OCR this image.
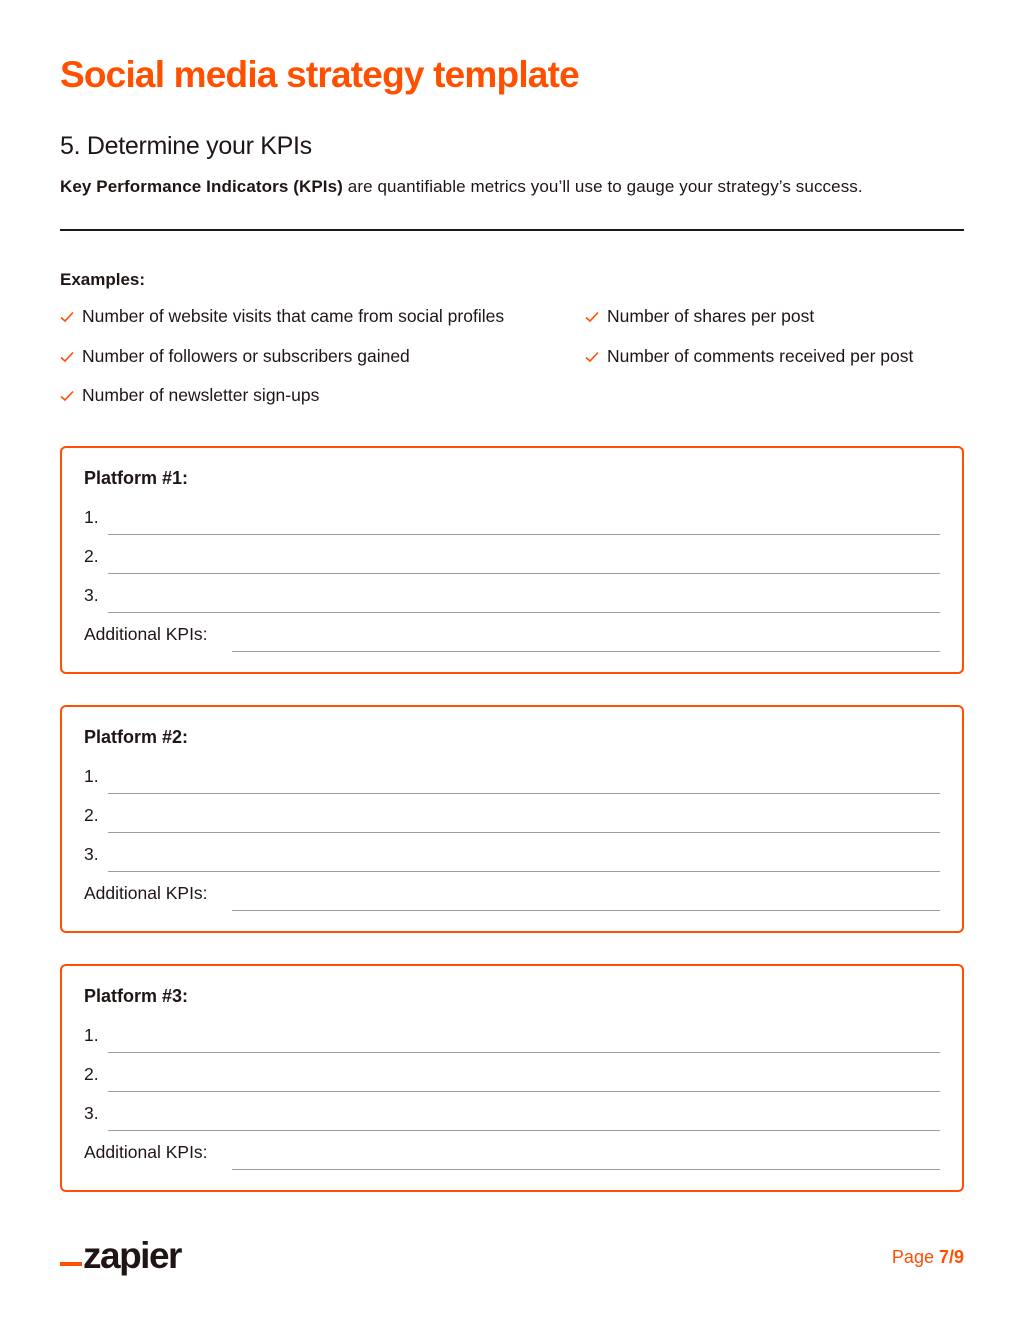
Social media strategy template
5. Determine your KPIs
Key Performance Indicators (KPIs) are quantifiable metrics you’ll use to gauge your strategy’s success.
Examples:
Number of website visits that came from social profiles
Number of followers or subscribers gained
Number of newsletter sign-ups
Number of shares per post
Number of comments received per post
Platform #1:
1.
2.
3.
Additional KPIs:
Platform #2:
1.
2.
3.
Additional KPIs:
Platform #3:
1.
2.
3.
Additional KPIs:
zapier	Page 7/9
